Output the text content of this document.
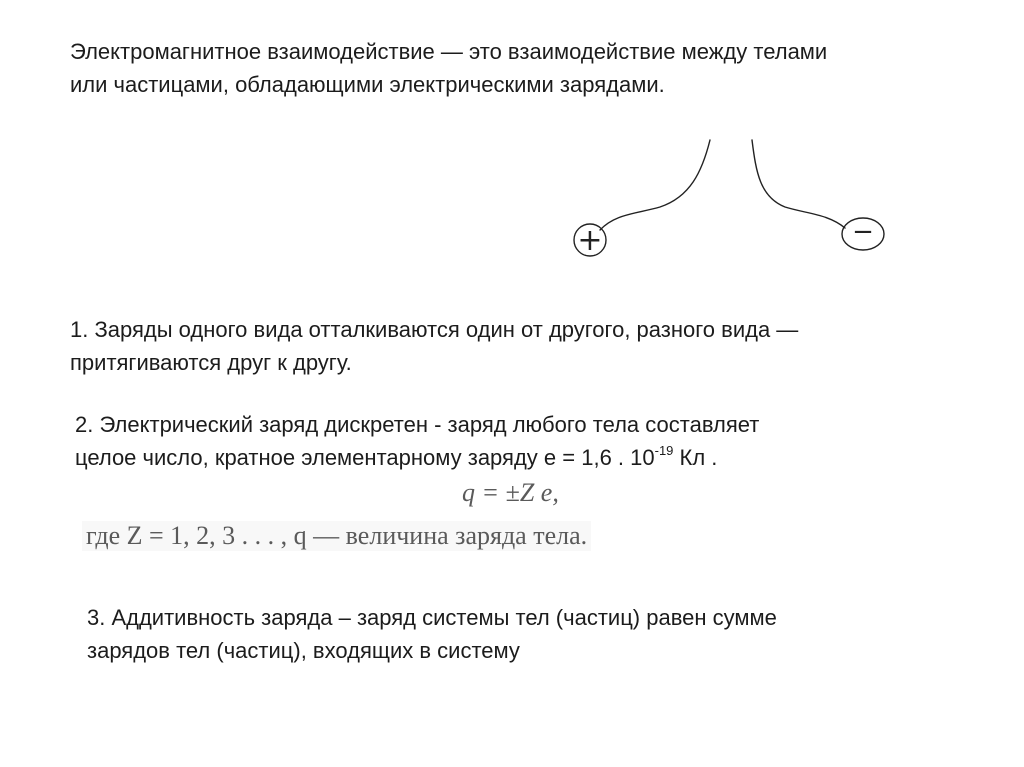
Электромагнитное взаимодействие — это взаимодействие между телами
или частицами, обладающими электрическими зарядами.
+	−
1. Заряды одного вида отталкиваются один от другого, разного вида —
притягиваются друг к другу.
2. Электрический заряд дискретен - заряд любого тела составляет
целое число, кратное элементарному заряду e = 1,6 . $10^{-19}$ Кл .
q = ±Z e,
где Z = 1, 2, 3 . . . , q — величина заряда тела.
3. Аддитивность заряда – заряд системы тел (частиц) равен сумме
зарядов тел (частиц), входящих в систему
